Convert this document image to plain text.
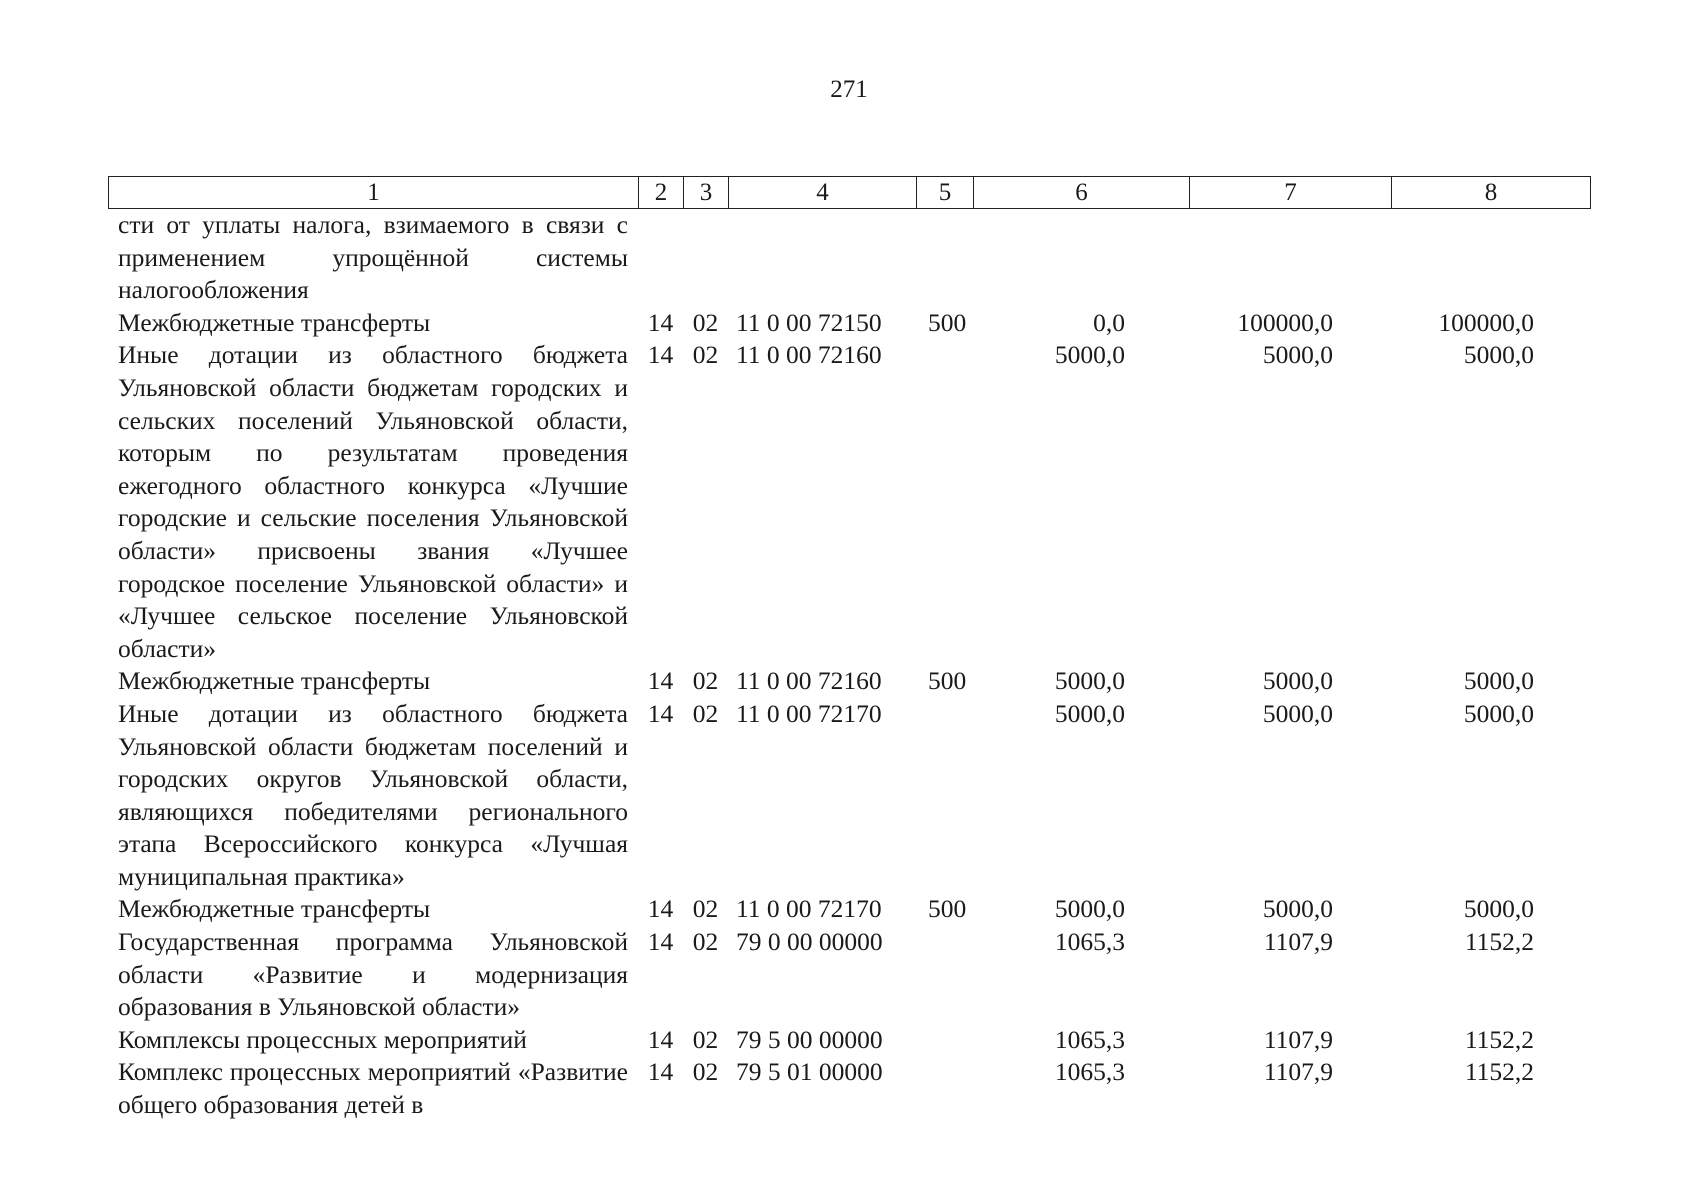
271
1	2	3	4	5	6	7	8
сти от уплаты налога, взимаемого в связи с применением упрощённой системы налогообложения							
Межбюджетные трансферты	14	02	11 0 00 72150	500	0,0	100000,0	100000,0
Иные дотации из областного бюджета Ульяновской области бюджетам городских и сельских поселений Ульяновской области, которым по результатам проведения ежегодного областного конкурса «Лучшие городские и сельские поселения Ульяновской области» присвоены звания «Лучшее городское поселение Ульяновской области» и «Лучшее сельское поселение Ульяновской области»	14	02	11 0 00 72160		5000,0	5000,0	5000,0
Межбюджетные трансферты	14	02	11 0 00 72160	500	5000,0	5000,0	5000,0
Иные дотации из областного бюджета Ульяновской области бюджетам поселений и городских округов Ульяновской области, являющихся победителями регионального этапа Всероссийского конкурса «Лучшая муниципальная практика»	14	02	11 0 00 72170		5000,0	5000,0	5000,0
Межбюджетные трансферты	14	02	11 0 00 72170	500	5000,0	5000,0	5000,0
Государственная программа Ульяновской области «Развитие и модернизация образования в Ульяновской области»	14	02	79 0 00 00000		1065,3	1107,9	1152,2
Комплексы процессных мероприятий	14	02	79 5 00 00000		1065,3	1107,9	1152,2
Комплекс процессных мероприятий «Развитие общего образования детей в	14	02	79 5 01 00000		1065,3	1107,9	1152,2
